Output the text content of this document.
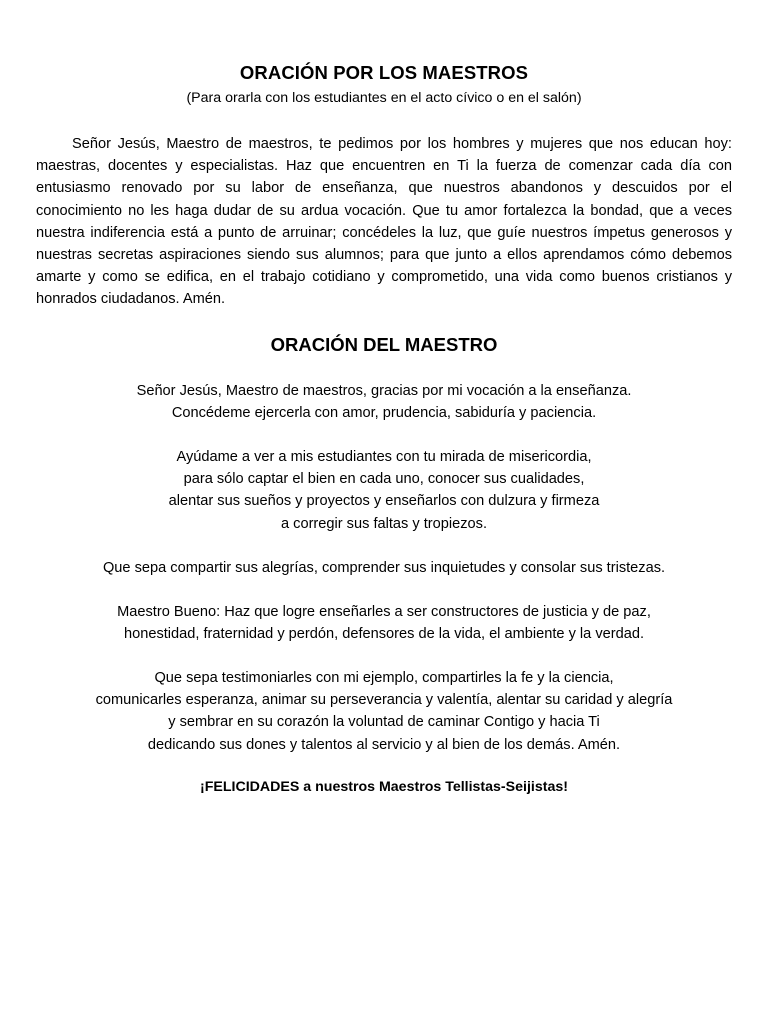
ORACIÓN POR LOS MAESTROS
(Para orarla con los estudiantes en el acto cívico o en el salón)

Señor Jesús, Maestro de maestros, te pedimos por los hombres y mujeres que nos educan hoy: maestras, docentes y especialistas. Haz que encuentren en Ti la fuerza de comenzar cada día con entusiasmo renovado por su labor de enseñanza, que nuestros abandonos y descuidos por el conocimiento no les haga dudar de su ardua vocación. Que tu amor fortalezca la bondad, que a veces nuestra indiferencia está a punto de arruinar; concédeles la luz, que guíe nuestros ímpetus generosos y nuestras secretas aspiraciones siendo sus alumnos; para que junto a ellos aprendamos cómo debemos amarte y como se edifica, en el trabajo cotidiano y comprometido, una vida como buenos cristianos y honrados ciudadanos. Amén.

ORACIÓN DEL MAESTRO
Señor Jesús, Maestro de maestros, gracias por mi vocación a la enseñanza.
Concédeme ejercerla con amor, prudencia, sabiduría y paciencia.
Ayúdame a ver a mis estudiantes con tu mirada de misericordia,
para sólo captar el bien en cada uno, conocer sus cualidades,
alentar sus sueños y proyectos y enseñarlos con dulzura y firmeza
a corregir sus faltas y tropiezos.
Que sepa compartir sus alegrías, comprender sus inquietudes y consolar sus tristezas.
Maestro Bueno: Haz que logre enseñarles a ser constructores de justicia y de paz,
honestidad, fraternidad y perdón, defensores de la vida, el ambiente y la verdad.
Que sepa testimoniarles con mi ejemplo, compartirles la fe y la ciencia,
comunicarles esperanza, animar su perseverancia y valentía, alentar su caridad y alegría
y sembrar en su corazón la voluntad de caminar Contigo y hacia Ti
dedicando sus dones y talentos al servicio y al bien de los demás. Amén.
¡FELICIDADES a nuestros Maestros Tellistas-Seijistas!
